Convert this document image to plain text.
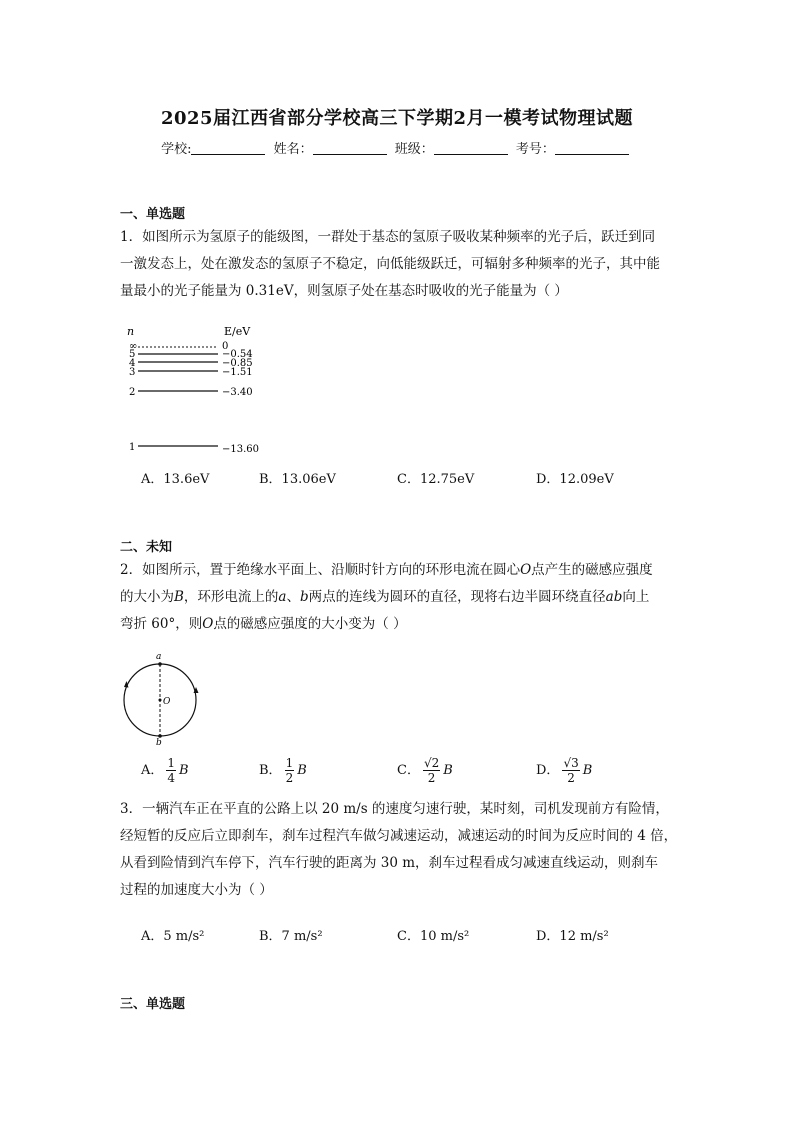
2025届江西省部分学校高三下学期2月一模考试物理试题
学校:	姓名：	班级：	考号：
一、单选题
1．如图所示为氢原子的能级图，一群处于基态的氢原子吸收某种频率的光子后，跃迁到同
一激发态上，处在激发态的氢原子不稳定，向低能级跃迁，可辐射多种频率的光子，其中能
量最小的光子能量为 0.31eV，则氢原子处在基态时吸收的光子能量为（ ）
n	E/eV
∞	0
5	−0.54
4	−0.85
3	−1.51
2	−3.40
1	−13.60
A．13.6eV	B．13.06eV	C．12.75eV	D．12.09eV
二、未知
2．如图所示，置于绝缘水平面上、沿顺时针方向的环形电流在圆心O点产生的磁感应强度
的大小为B，环形电流上的a、b两点的连线为圆环的直径，现将右边半圆环绕直径ab向上
弯折 60°，则O点的磁感应强度的大小变为（ ）
a
b
O
A． $\frac{1}{4}$ B	B． $\frac{1}{2}$ B	C． $\frac{√2}{2}$ B	D． $\frac{√3}{2}$ B
3．一辆汽车正在平直的公路上以 20 m/s 的速度匀速行驶，某时刻，司机发现前方有险情，
经短暂的反应后立即刹车，刹车过程汽车做匀减速运动，减速运动的时间为反应时间的 4 倍，
从看到险情到汽车停下，汽车行驶的距离为 30 m，刹车过程看成匀减速直线运动，则刹车
过程的加速度大小为（ ）
A．5 m/s²	B．7 m/s²	C．10 m/s²	D．12 m/s²
三、单选题
